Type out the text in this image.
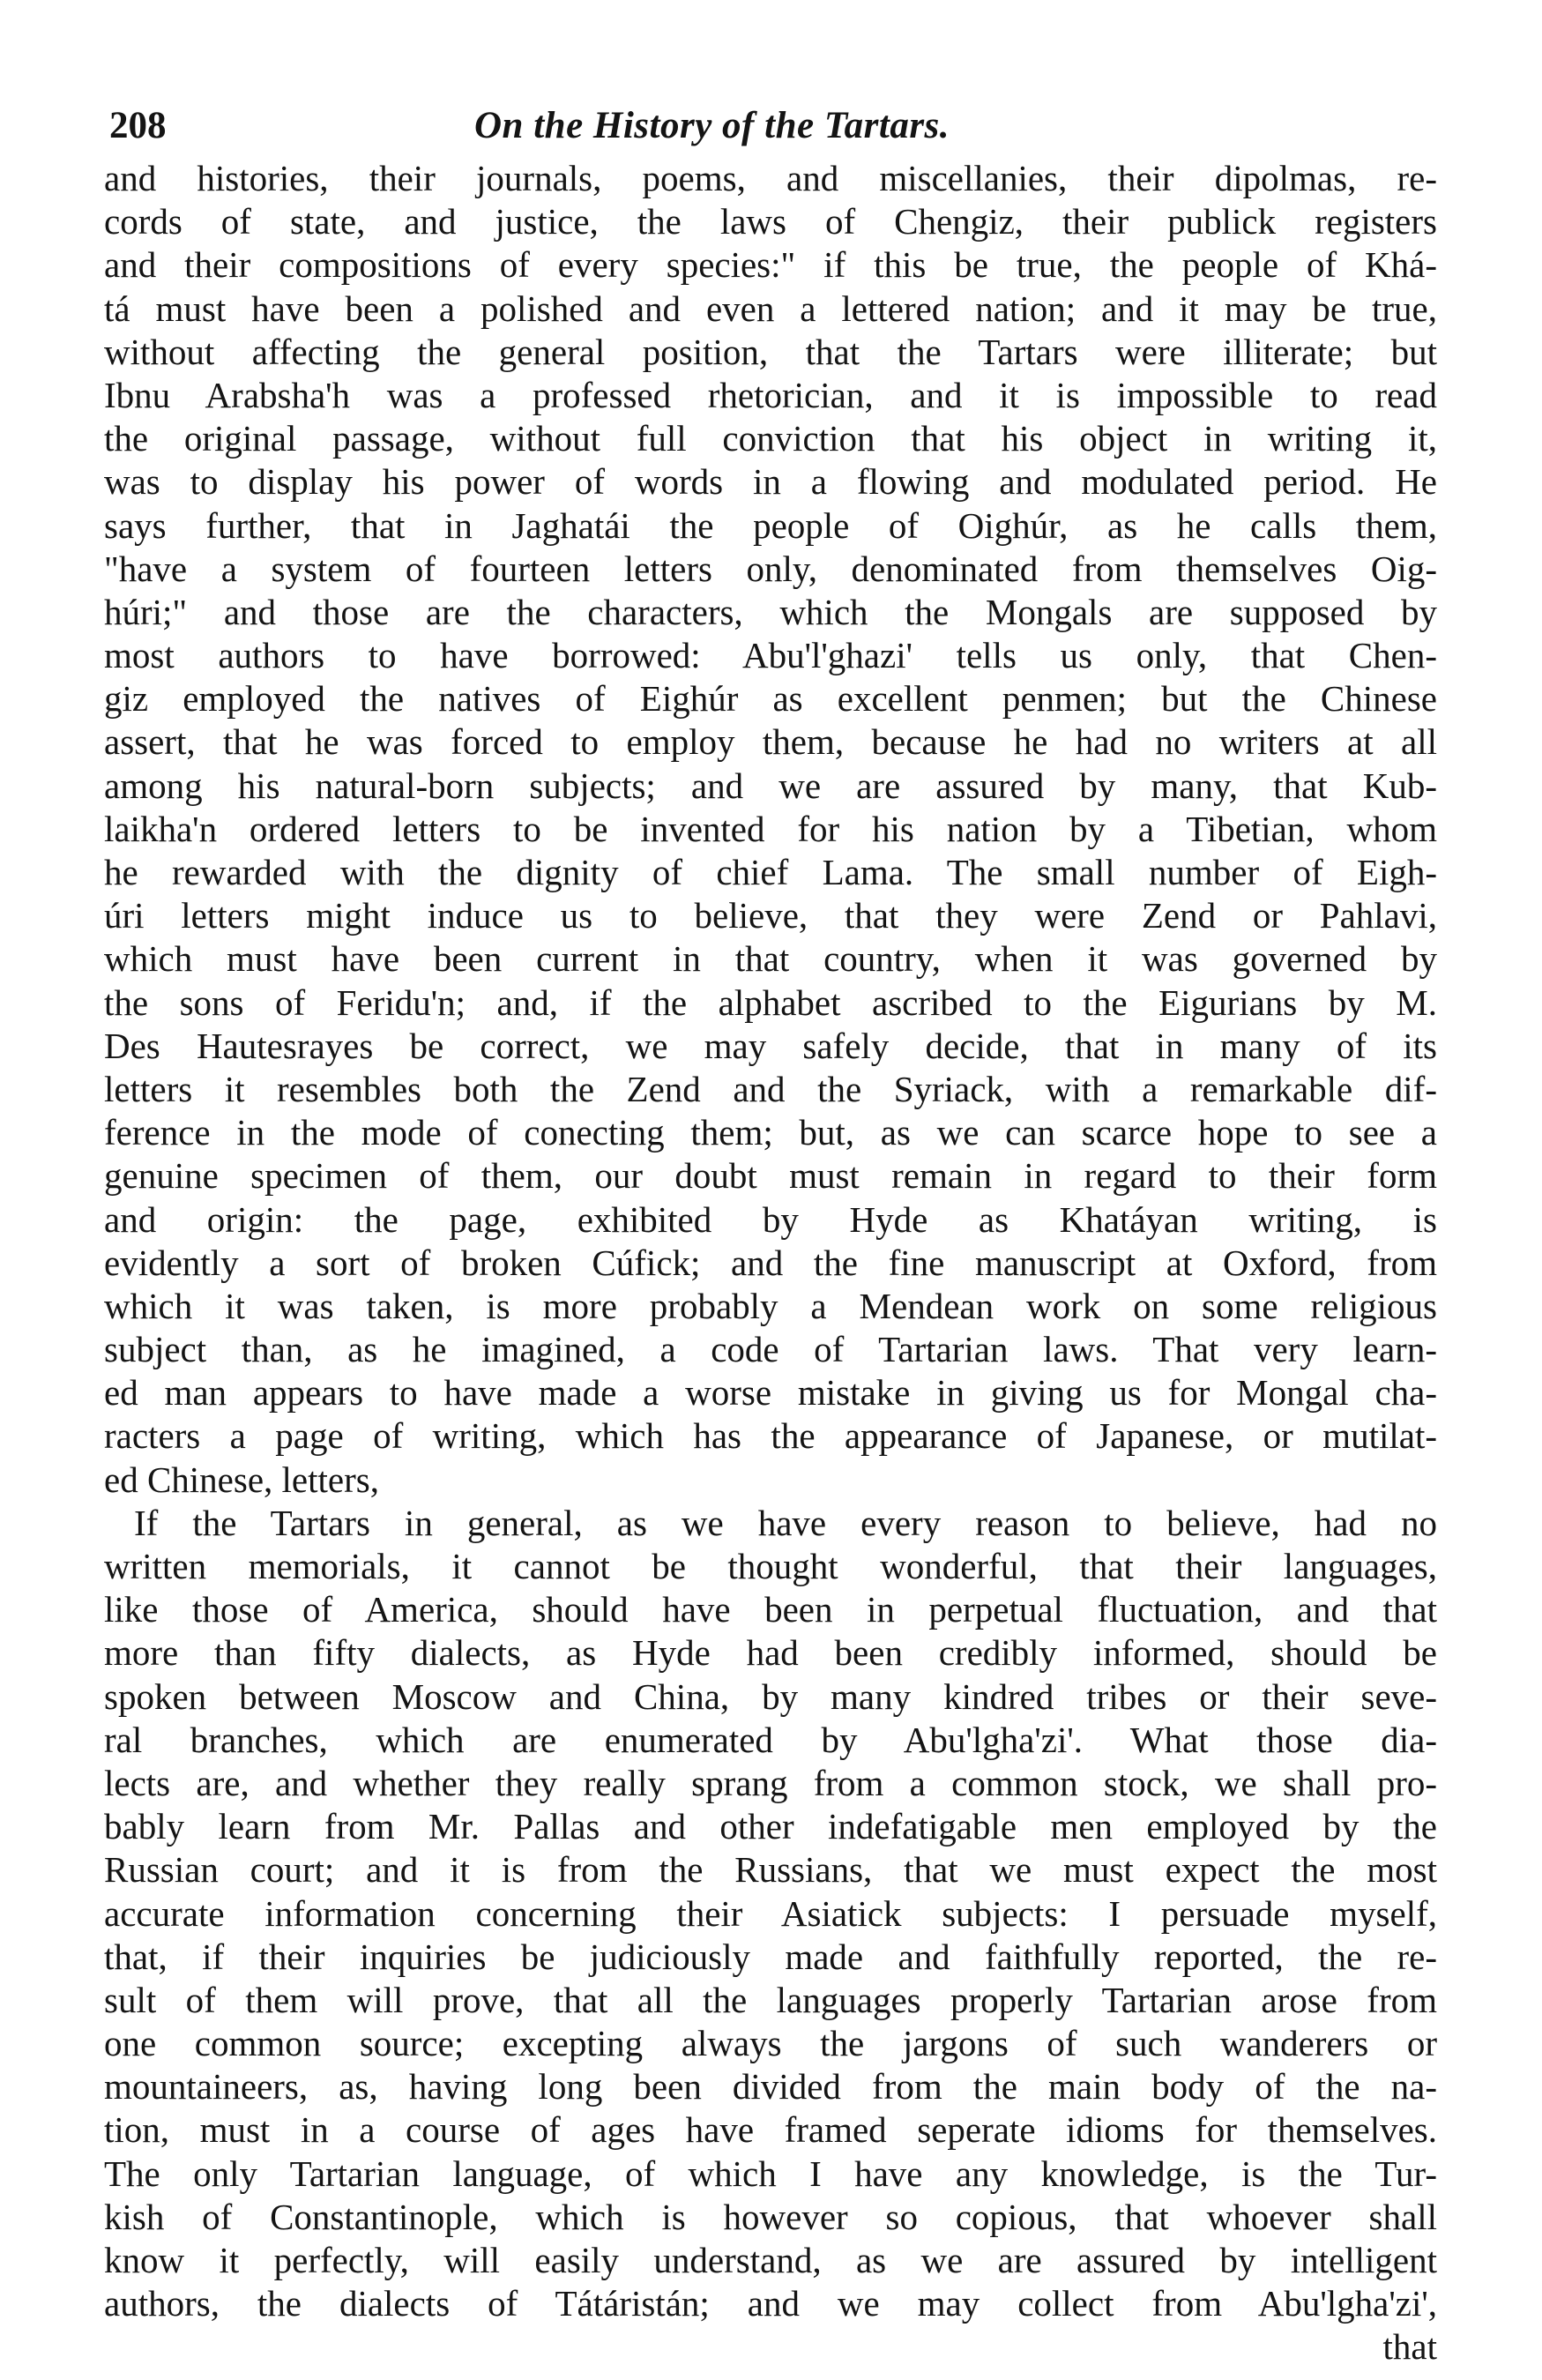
208	On the History of the Tartars.
and histories, their journals, poems, and miscellanies, their dipolmas, re-
cords of state, and justice, the laws of Chengiz, their publick registers
and their compositions of every species:" if this be true, the people of Khá-
tá must have been a polished and even a lettered nation; and it may be true,
without affecting the general position, that the Tartars were illiterate; but
Ibnu Arabsha'h was a professed rhetorician, and it is impossible to read
the original passage, without full conviction that his object in writing it,
was to display his power of words in a flowing and modulated period. He
says further, that in Jaghatái the people of Oighúr, as he calls them,
"have a system of fourteen letters only, denominated from themselves Oig-
húri;" and those are the characters, which the Mongals are supposed by
most authors to have borrowed: Abu'l'ghazi' tells us only, that Chen-
giz employed the natives of Eighúr as excellent penmen; but the Chinese
assert, that he was forced to employ them, because he had no writers at all
among his natural-born subjects; and we are assured by many, that Kub-
laikha'n ordered letters to be invented for his nation by a Tibetian, whom
he rewarded with the dignity of chief Lama. The small number of Eigh-
úri letters might induce us to believe, that they were Zend or Pahlavi,
which must have been current in that country, when it was governed by
the sons of Feridu'n; and, if the alphabet ascribed to the Eigurians by M.
Des Hautesrayes be correct, we may safely decide, that in many of its
letters it resembles both the Zend and the Syriack, with a remarkable dif-
ference in the mode of conecting them; but, as we can scarce hope to see a
genuine specimen of them, our doubt must remain in regard to their form
and origin: the page, exhibited by Hyde as Khatáyan writing, is
evidently a sort of broken Cúfick; and the fine manuscript at Oxford, from
which it was taken, is more probably a Mendean work on some religious
subject than, as he imagined, a code of Tartarian laws. That very learn-
ed man appears to have made a worse mistake in giving us for Mongal cha-
racters a page of writing, which has the appearance of Japanese, or mutilat-
ed Chinese, letters,
If the Tartars in general, as we have every reason to believe, had no
written memorials, it cannot be thought wonderful, that their languages,
like those of America, should have been in perpetual fluctuation, and that
more than fifty dialects, as Hyde had been credibly informed, should be
spoken between Moscow and China, by many kindred tribes or their seve-
ral branches, which are enumerated by Abu'lgha'zi'. What those dia-
lects are, and whether they really sprang from a common stock, we shall pro-
bably learn from Mr. Pallas and other indefatigable men employed by the
Russian court; and it is from the Russians, that we must expect the most
accurate information concerning their Asiatick subjects: I persuade myself,
that, if their inquiries be judiciously made and faithfully reported, the re-
sult of them will prove, that all the languages properly Tartarian arose from
one common source; excepting always the jargons of such wanderers or
mountaineers, as, having long been divided from the main body of the na-
tion, must in a course of ages have framed seperate idioms for themselves.
The only Tartarian language, of which I have any knowledge, is the Tur-
kish of Constantinople, which is however so copious, that whoever shall
know it perfectly, will easily understand, as we are assured by intelligent
authors, the dialects of Tátáristán; and we may collect from Abu'lgha'zi',
that
